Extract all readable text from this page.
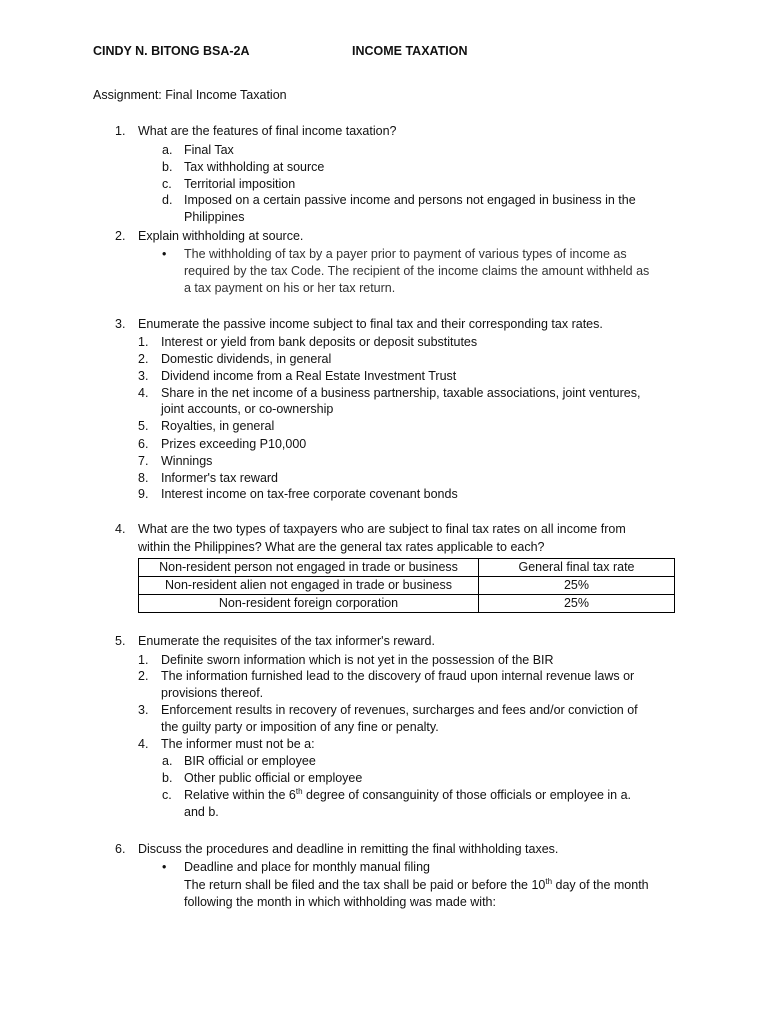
CINDY N. BITONG BSA-2A	INCOME TAXATION
Assignment: Final Income Taxation
1. What are the features of final income taxation?
a. Final Tax
b. Tax withholding at source
c. Territorial imposition
d. Imposed on a certain passive income and persons not engaged in business in the
Philippines
2. Explain withholding at source.
• The withholding of tax by a payer prior to payment of various types of income as
required by the tax Code. The recipient of the income claims the amount withheld as
a tax payment on his or her tax return.
3. Enumerate the passive income subject to final tax and their corresponding tax rates.
1. Interest or yield from bank deposits or deposit substitutes
2. Domestic dividends, in general
3. Dividend income from a Real Estate Investment Trust
4. Share in the net income of a business partnership, taxable associations, joint ventures,
joint accounts, or co-ownership
5. Royalties, in general
6. Prizes exceeding P10,000
7. Winnings
8. Informer's tax reward
9. Interest income on tax-free corporate covenant bonds
4. What are the two types of taxpayers who are subject to final tax rates on all income from
within the Philippines? What are the general tax rates applicable to each?
Non-resident person not engaged in trade or business	General final tax rate
Non-resident alien not engaged in trade or business	25%
Non-resident foreign corporation	25%
5. Enumerate the requisites of the tax informer's reward.
1. Definite sworn information which is not yet in the possession of the BIR
2. The information furnished lead to the discovery of fraud upon internal revenue laws or
provisions thereof.
3. Enforcement results in recovery of revenues, surcharges and fees and/or conviction of
the guilty party or imposition of any fine or penalty.
4. The informer must not be a:
a. BIR official or employee
b. Other public official or employee
c. Relative within the 6th degree of consanguinity of those officials or employee in a.
and b.
6. Discuss the procedures and deadline in remitting the final withholding taxes.
• Deadline and place for monthly manual filing
The return shall be filed and the tax shall be paid or before the 10th day of the month
following the month in which withholding was made with:
